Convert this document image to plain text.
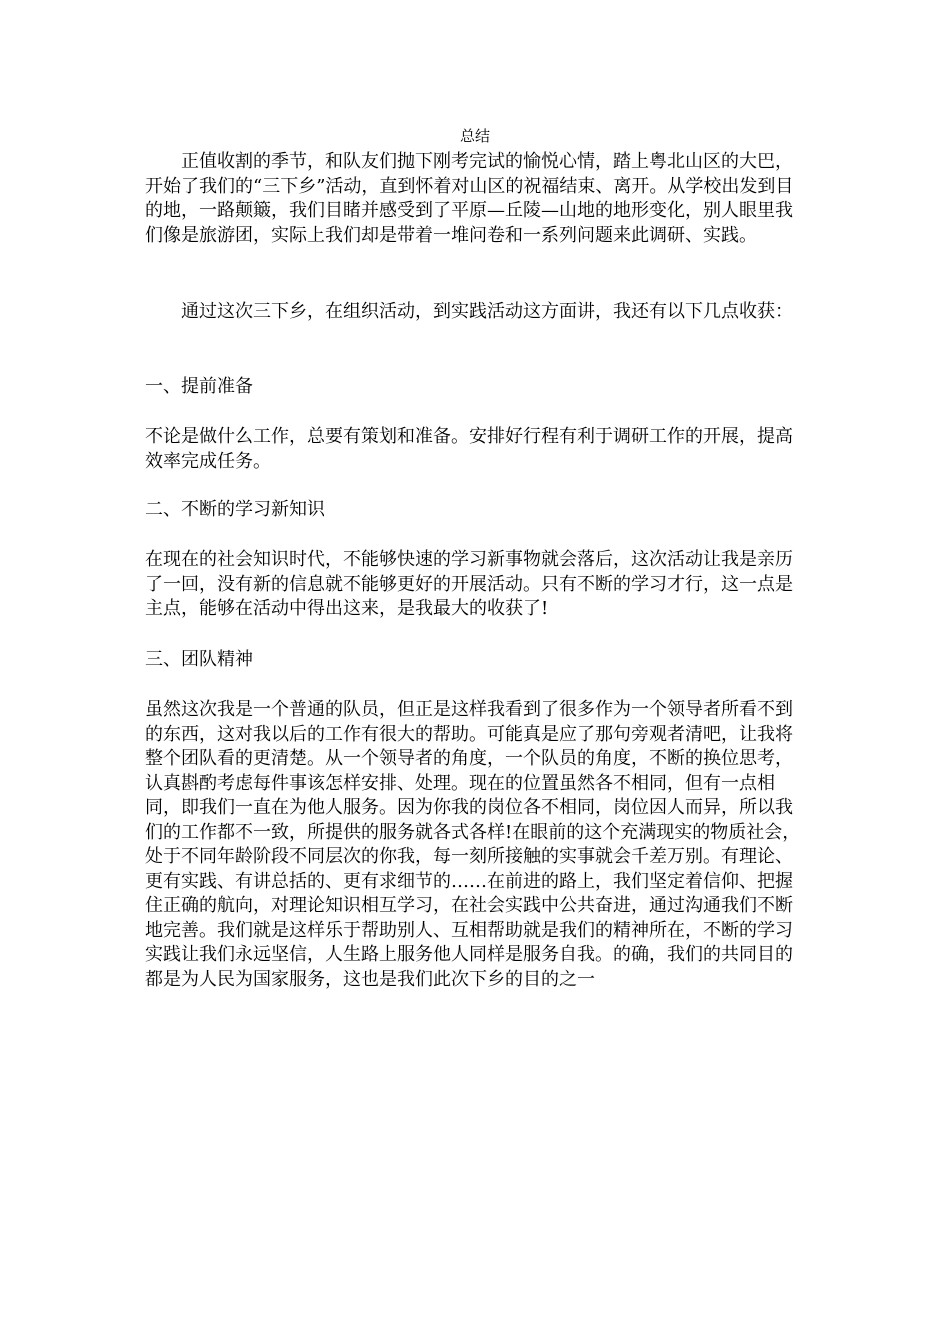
总结

正值收割的季节，和队友们抛下刚考完试的愉悦心情，踏上粤北山区的大巴，开始了我们的“三下乡”活动，直到怀着对山区的祝福结束、离开。从学校出发到目的地，一路颠簸，我们目睹并感受到了平原—丘陵—山地的地形变化，别人眼里我们像是旅游团，实际上我们却是带着一堆问卷和一系列问题来此调研、实践。

通过这次三下乡，在组织活动，到实践活动这方面讲，我还有以下几点收获：

一、提前准备

不论是做什么工作，总要有策划和准备。安排好行程有利于调研工作的开展，提高效率完成任务。

二、不断的学习新知识

在现在的社会知识时代，不能够快速的学习新事物就会落后，这次活动让我是亲历了一回，没有新的信息就不能够更好的开展活动。只有不断的学习才行，这一点是主点，能够在活动中得出这来，是我最大的收获了!

三、团队精神

虽然这次我是一个普通的队员，但正是这样我看到了很多作为一个领导者所看不到的东西，这对我以后的工作有很大的帮助。可能真是应了那句旁观者清吧，让我将整个团队看的更清楚。从一个领导者的角度，一个队员的角度，不断的换位思考，认真斟酌考虑每件事该怎样安排、处理。现在的位置虽然各不相同，但有一点相同，即我们一直在为他人服务。因为你我的岗位各不相同，岗位因人而异，所以我们的工作都不一致，所提供的服务就各式各样!在眼前的这个充满现实的物质社会，处于不同年龄阶段不同层次的你我，每一刻所接触的实事就会千差万别。有理论、更有实践、有讲总括的、更有求细节的……在前进的路上，我们坚定着信仰、把握住正确的航向，对理论知识相互学习，在社会实践中公共奋进，通过沟通我们不断地完善。我们就是这样乐于帮助别人、互相帮助就是我们的精神所在，不断的学习实践让我们永远坚信，人生路上服务他人同样是服务自我。的确，我们的共同目的都是为人民为国家服务，这也是我们此次下乡的目的之一
